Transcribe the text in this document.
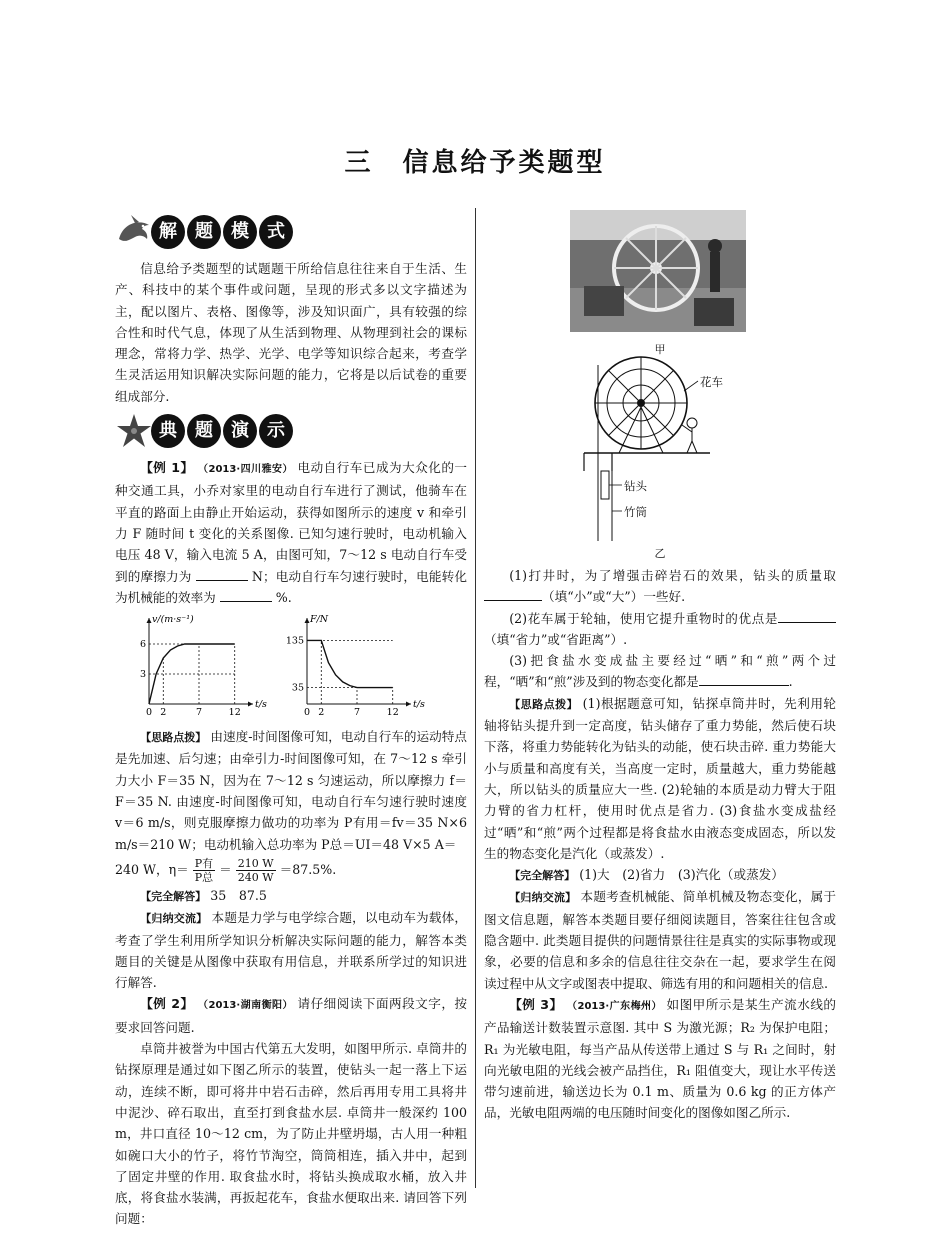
三　信息给予类题型
解	题	模	式

信息给予类题型的试题题干所给信息往往来自于生活、生产、科技中的某个事件或问题，呈现的形式多以文字描述为主，配以图片、表格、图像等，涉及知识面广，具有较强的综合性和时代气息，体现了从生活到物理、从物理到社会的课标理念，常将力学、热学、光学、电学等知识综合起来，考查学生灵活运用知识解决实际问题的能力，它将是以后试卷的重要组成部分.

典	题	演	示

【例 1】 （2013·四川雅安） 电动自行车已成为大众化的一种交通工具，小乔对家里的电动自行车进行了测试，他骑车在平直的路面上由静止开始运动，获得如图所示的速度 v 和牵引力 F 随时间 t 变化的关系图像. 已知匀速行驶时，电动机输入电压 48 V，输入电流 5 A，由图可知，7～12 s 电动自行车受到的摩擦力为	N；电动自行车匀速行驶时，电能转化为机械能的效率为	%.

v/(m·s⁻¹)
t/s
0 2	7	12
3
6
F/N
t/s
0 2	7	12
35
135

【思路点拨】 由速度-时间图像可知，电动自行车的运动特点是先加速、后匀速；由牵引力-时间图像可知，在 7～12 s 牵引力大小 F＝35 N，因为在 7～12 s 匀速运动，所以摩擦力 f＝F＝35 N. 由速度-时间图像可知，电动自行车匀速行驶时速度 v＝6 m/s，则克服摩擦力做功的功率为 P有用＝fv＝35 N×6 m/s＝210 W；电动机输入总功率为 P总＝UI＝48 V×5 A＝

240 W，$\eta= \frac{\text{P有}}{\text{P总}} = \frac{210 W}{240 W} =87.5\%$.

【完全解答】 35　87.5

【归纳交流】 本题是力学与电学综合题，以电动车为载体，考查了学生利用所学知识分析解决实际问题的能力，解答本类题目的关键是从图像中获取有用信息，并联系所学过的知识进行解答.

【例 2】 （2013·湖南衡阳） 请仔细阅读下面两段文字，按要求回答问题.

卓筒井被誉为中国古代第五大发明，如图甲所示. 卓筒井的钻探原理是通过如下图乙所示的装置，使钻头一起一落上下运动，连续不断，即可将井中岩石击碎，然后再用专用工具将井中泥沙、碎石取出，直至打到食盐水层. 卓筒井一般深约 100 m，井口直径 10～12 cm，为了防止井壁坍塌，古人用一种粗如碗口大小的竹子，将竹节淘空，筒筒相连，插入井中，起到了固定井壁的作用. 取食盐水时，将钻头换成取水桶，放入井底，将食盐水装满，再扳起花车，食盐水便取出来. 请回答下列问题：

甲
花车
钻头
竹筒
乙

(1)打井时，为了增强击碎岩石的效果，钻头的质量取（填“小”或“大”）一些好.

(2)花车属于轮轴，使用它提升重物时的优点是（填“省力”或“省距离”）.

(3)把食盐水变成盐主要经过“晒”和“煎”两个过程，“晒”和“煎”涉及到的物态变化都是	.

【思路点拨】 (1)根据题意可知，钻探卓筒井时，先利用轮轴将钻头提升到一定高度，钻头储存了重力势能，然后使石块下落，将重力势能转化为钻头的动能，使石块击碎. 重力势能大小与质量和高度有关，当高度一定时，质量越大，重力势能越大，所以钻头的质量应大一些. (2)轮轴的本质是动力臂大于阻力臂的省力杠杆，使用时优点是省力. (3)食盐水变成盐经过“晒”和“煎”两个过程都是将食盐水由液态变成固态，所以发生的物态变化是汽化（或蒸发）.

【完全解答】 (1)大　(2)省力　(3)汽化（或蒸发）

【归纳交流】 本题考查机械能、简单机械及物态变化，属于图文信息题，解答本类题目要仔细阅读题目，答案往往包含或隐含题中. 此类题目提供的问题情景往往是真实的实际事物或现象，必要的信息和多余的信息往往交杂在一起，要求学生在阅读过程中从文字或图表中提取、筛选有用的和问题相关的信息.

【例 3】 （2013·广东梅州） 如图甲所示是某生产流水线的产品输送计数装置示意图. 其中 S 为激光源；R₂ 为保护电阻；R₁ 为光敏电阻，每当产品从传送带上通过 S 与 R₁ 之间时，射向光敏电阻的光线会被产品挡住，R₁ 阻值变大，现让水平传送带匀速前进，输送边长为 0.1 m、质量为 0.6 kg 的正方体产品，光敏电阻两端的电压随时间变化的图像如图乙所示.
